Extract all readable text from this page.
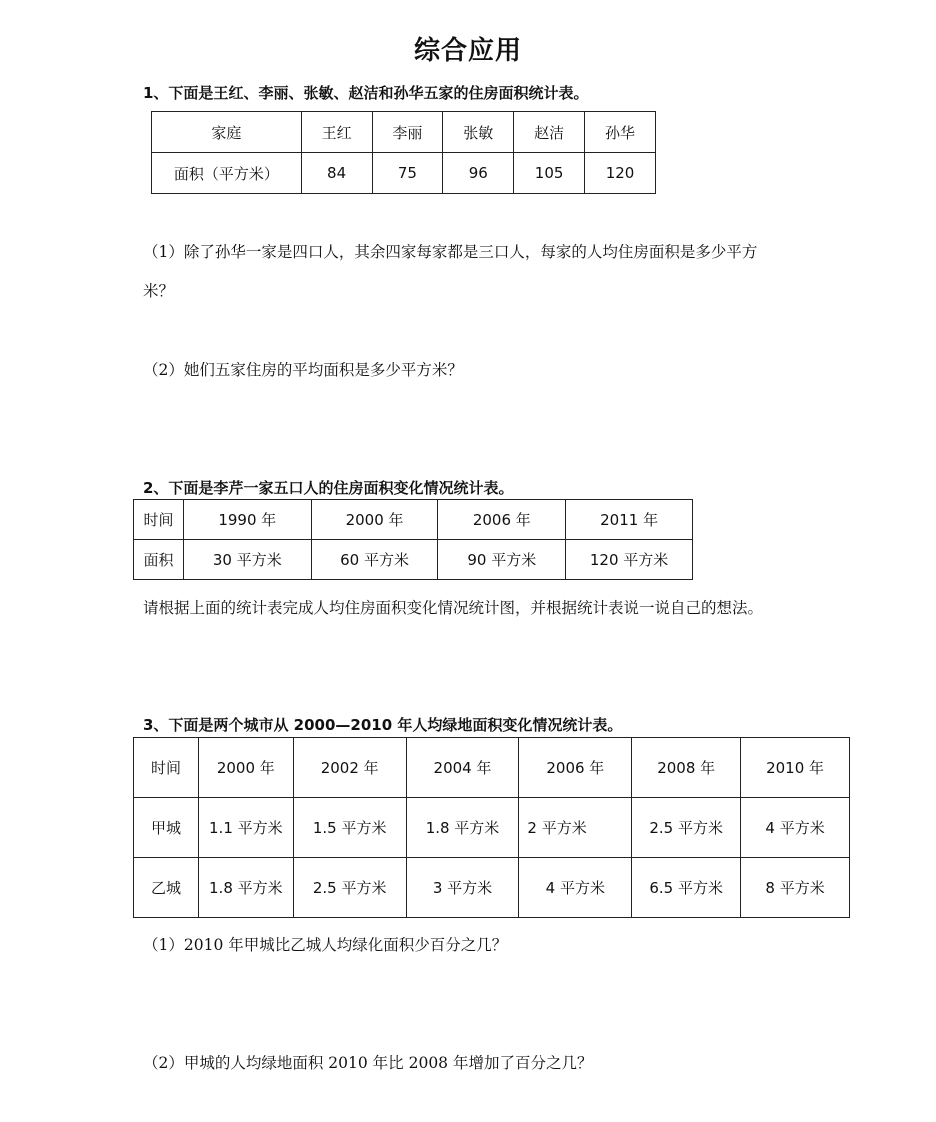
综合应用
1、下面是王红、李丽、张敏、赵洁和孙华五家的住房面积统计表。
家庭	王红	李丽	张敏	赵洁	孙华
面积（平方米）	84	75	96	105	120
（1）除了孙华一家是四口人，其余四家每家都是三口人，每家的人均住房面积是多少平方
米？
（2）她们五家住房的平均面积是多少平方米？
2、下面是李芹一家五口人的住房面积变化情况统计表。
时间	1990 年	2000 年	2006 年	2011 年
面积	30 平方米	60 平方米	90 平方米	120 平方米
请根据上面的统计表完成人均住房面积变化情况统计图，并根据统计表说一说自己的想法。
3、下面是两个城市从 2000—2010 年人均绿地面积变化情况统计表。
时间	2000 年	2002 年	2004 年	2006 年	2008 年	2010 年
甲城	1.1 平方米	1.5 平方米	1.8 平方米	2 平方米	2.5 平方米	4 平方米
乙城	1.8 平方米	2.5 平方米	3 平方米	4 平方米	6.5 平方米	8 平方米
（1）2010 年甲城比乙城人均绿化面积少百分之几？
（2）甲城的人均绿地面积 2010 年比 2008 年增加了百分之几？
